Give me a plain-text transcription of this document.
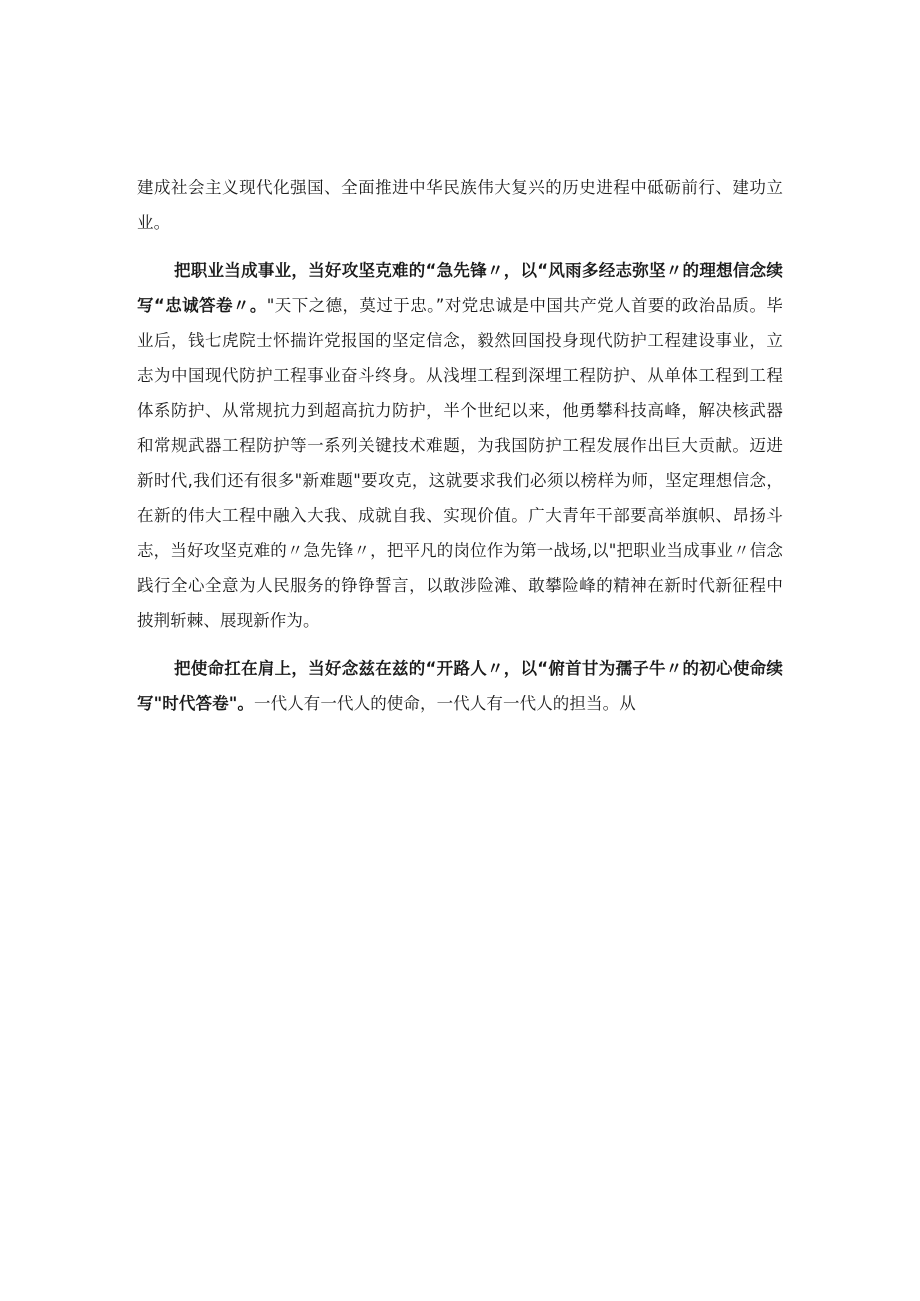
建成社会主义现代化强国、全面推进中华民族伟大复兴的历史进程中砥砺前行、建功立业。

把职业当成事业，当好攻坚克难的“急先锋〃，以“风雨多经志弥坚〃的理想信念续写“忠诚答卷〃。"天下之德，莫过于忠。”对党忠诚是中国共产党人首要的政治品质。毕业后，钱七虎院士怀揣许党报国的坚定信念，毅然回国投身现代防护工程建设事业，立志为中国现代防护工程事业奋斗终身。从浅埋工程到深埋工程防护、从单体工程到工程体系防护、从常规抗力到超高抗力防护，半个世纪以来，他勇攀科技高峰，解决核武器和常规武器工程防护等一系列关键技术难题，为我国防护工程发展作出巨大贡献。迈进新时代,我们还有很多"新难题"要攻克，这就要求我们必须以榜样为师，坚定理想信念，在新的伟大工程中融入大我、成就自我、实现价值。广大青年干部要高举旗帜、昂扬斗志，当好攻坚克难的〃急先锋〃，把平凡的岗位作为第一战场,以"把职业当成事业〃信念践行全心全意为人民服务的铮铮誓言，以敢涉险滩、敢攀险峰的精神在新时代新征程中披荆斩棘、展现新作为。

把使命扛在肩上，当好念兹在兹的“开路人〃，以“俯首甘为孺子牛〃的初心使命续写"时代答卷"。一代人有一代人的使命，一代人有一代人的担当。从
